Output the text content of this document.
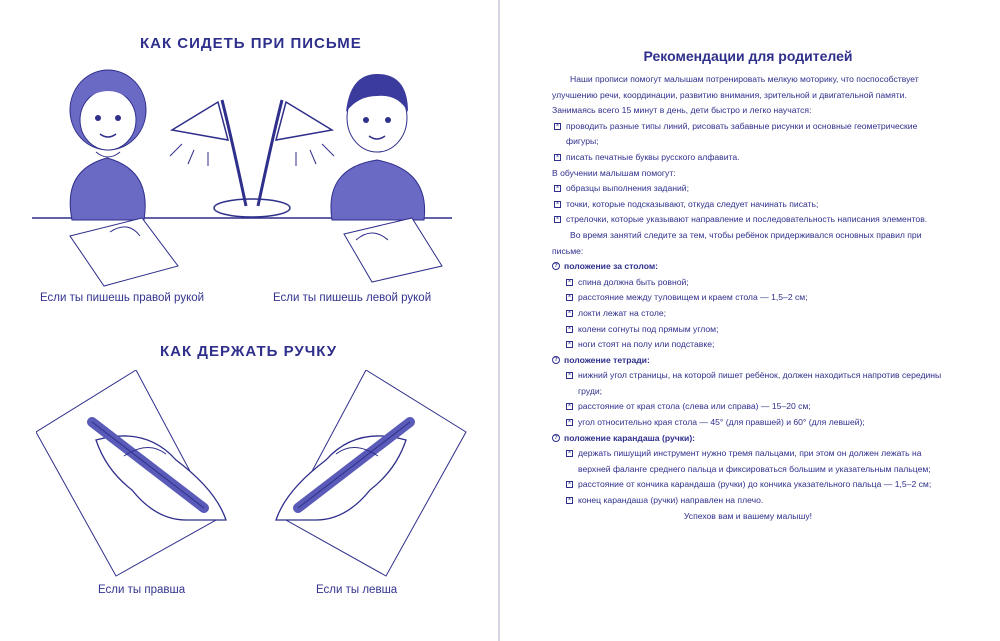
КАК СИДЕТЬ ПРИ ПИСЬМЕ
Если ты пишешь правой рукой	Если ты пишешь левой рукой
КАК ДЕРЖАТЬ РУЧКУ
Если ты правша	Если ты левша
Рекомендации для родителей

Наши прописи помогут малышам потренировать мелкую моторику, что поспособствует улучшению речи, координации, развитию внимания, зрительной и двигательной памяти. Занимаясь всего 15 минут в день, дети быстро и легко научатся:

× проводить разные типы линий, рисовать забавные рисунки и основные геометрические фигуры;
× писать печатные буквы русского алфавита.

В обучении малышам помогут:

× образцы выполнения заданий;
× точки, которые подсказывают, откуда следует начинать писать;
× стрелочки, которые указывают направление и последовательность написания элементов.

Во время занятий следите за тем, чтобы ребёнок придерживался основных правил при письме:

? положение за столом:
× спина должна быть ровной;
× расстояние между туловищем и краем стола — 1,5–2 см;
× локти лежат на столе;
× колени согнуты под прямым углом;
× ноги стоят на полу или подставке;
? положение тетради:
× нижний угол страницы, на которой пишет ребёнок, должен находиться напротив середины груди;
× расстояние от края стола (слева или справа) — 15–20 см;
× угол относительно края стола — 45° (для правшей) и 60° (для левшей);
? положение карандаша (ручки):
× держать пишущий инструмент нужно тремя пальцами, при этом он должен лежать на верхней фаланге среднего пальца и фиксироваться большим и указательным пальцем;
× расстояние от кончика карандаша (ручки) до кончика указательного пальца — 1,5–2 см;
× конец карандаша (ручки) направлен на плечо.

Успехов вам и вашему малышу!
